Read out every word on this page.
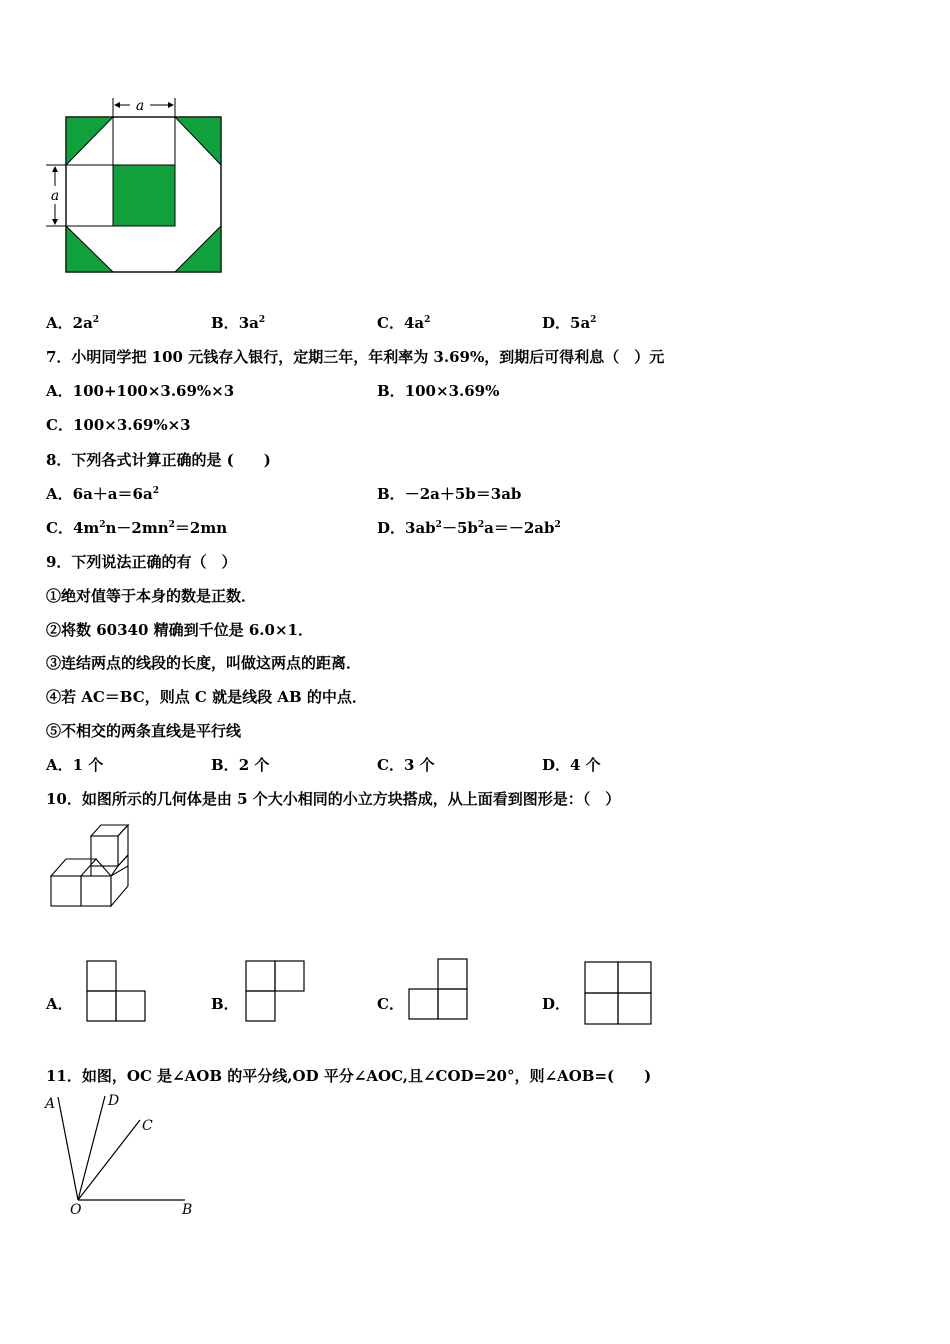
a
a
A．$2a^2$	B．$3a^2$	C．$4a^2$	D．$5a^2$
7．小明同学把 100 元钱存入银行，定期三年，年利率为 3.69%，到期后可得利息（　）元
A．100+100×3.69%×3	B．100×3.69%
C．100×3.69%×3
8．下列各式计算正确的是 (　　)
A．$6a+a=6a^2$	B．－2a＋5b＝3ab
C．$4m^2n-2mn^2=2mn$	D．$3ab^2-5b^2a=-2ab^2$
9．下列说法正确的有（　）
①绝对值等于本身的数是正数．
②将数 60340 精确到千位是 6.0×1．
③连结两点的线段的长度，叫做这两点的距离．
④若 AC＝BC，则点 C 就是线段 AB 的中点．
⑤不相交的两条直线是平行线
A．1 个	B．2 个	C．3 个	D．4 个
10．如图所示的几何体是由 5 个大小相同的小立方块搭成，从上面看到图形是：（　）
A．	B．	C．	D．
11．如图，OC 是∠AOB 的平分线,OD 平分∠AOC,且∠COD=20°，则∠AOB=(　　)
A	D
C
O	B
